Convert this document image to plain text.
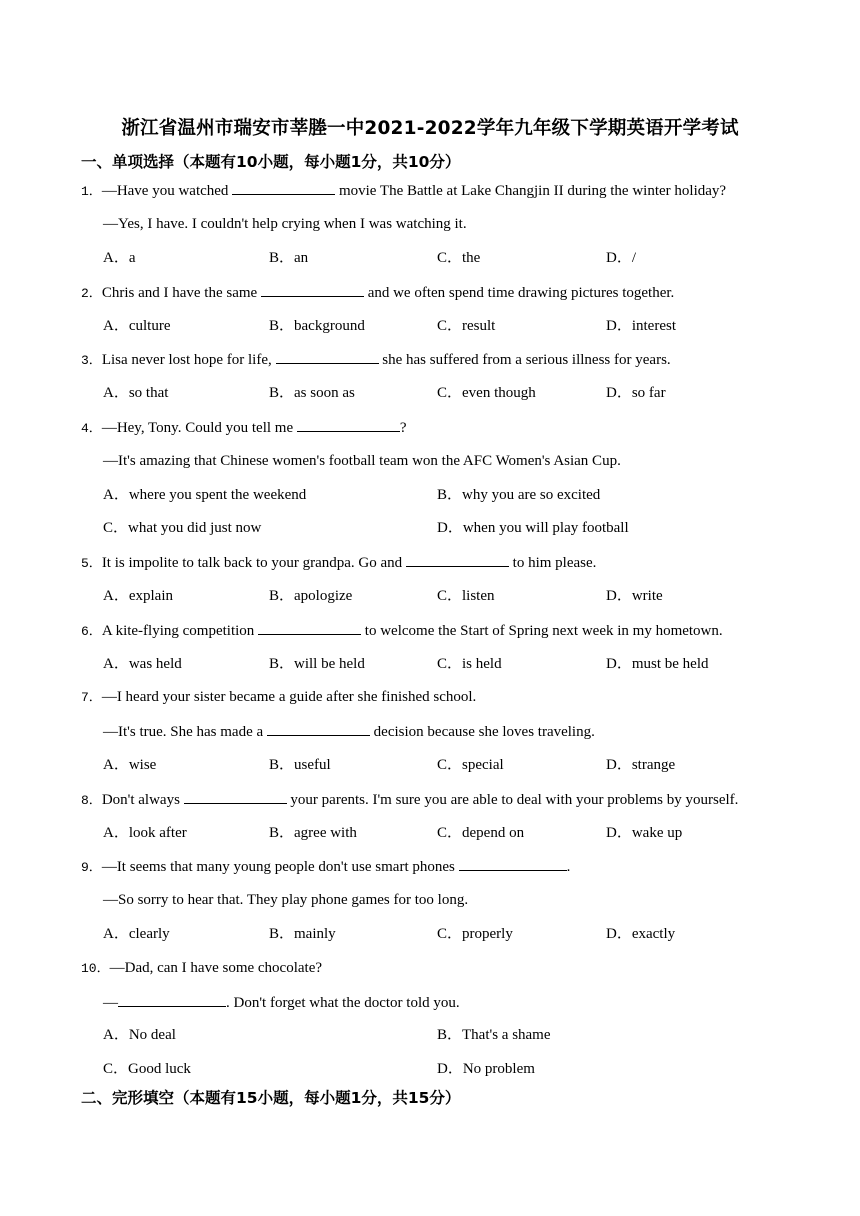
浙江省温州市瑞安市莘塍一中2021-2022学年九年级下学期英语开学考试
一、单项选择（本题有10小题，每小题1分，共10分）
1．—Have you watched	movie The Battle at Lake Changjin II during the winter holiday?
—Yes, I have. I couldn't help crying when I was watching it.
A．a	B．an	C．the	D．/
2．Chris and I have the same	and we often spend time drawing pictures together.
A．culture	B．background	C．result	D．interest
3．Lisa never lost hope for life,	she has suffered from a serious illness for years.
A．so that	B．as soon as	C．even though	D．so far
4．—Hey, Tony. Could you tell me	?
—It's amazing that Chinese women's football team won the AFC Women's Asian Cup.
A．where you spent the weekend	B．why you are so excited
C．what you did just now	D．when you will play football
5．It is impolite to talk back to your grandpa. Go and	to him please.
A．explain	B．apologize	C．listen	D．write
6．A kite-flying competition	to welcome the Start of Spring next week in my hometown.
A．was held	B．will be held	C．is held	D．must be held
7．—I heard your sister became a guide after she finished school.
—It's true. She has made a	decision because she loves traveling.
A．wise	B．useful	C．special	D．strange
8．Don't always	your parents. I'm sure you are able to deal with your problems by yourself.
A．look after	B．agree with	C．depend on	D．wake up
9．—It seems that many young people don't use smart phones	.
—So sorry to hear that. They play phone games for too long.
A．clearly	B．mainly	C．properly	D．exactly
10．—Dad, can I have some chocolate?
—	. Don't forget what the doctor told you.
A．No deal	B．That's a shame
C．Good luck	D．No problem
二、完形填空（本题有15小题，每小题1分，共15分）
